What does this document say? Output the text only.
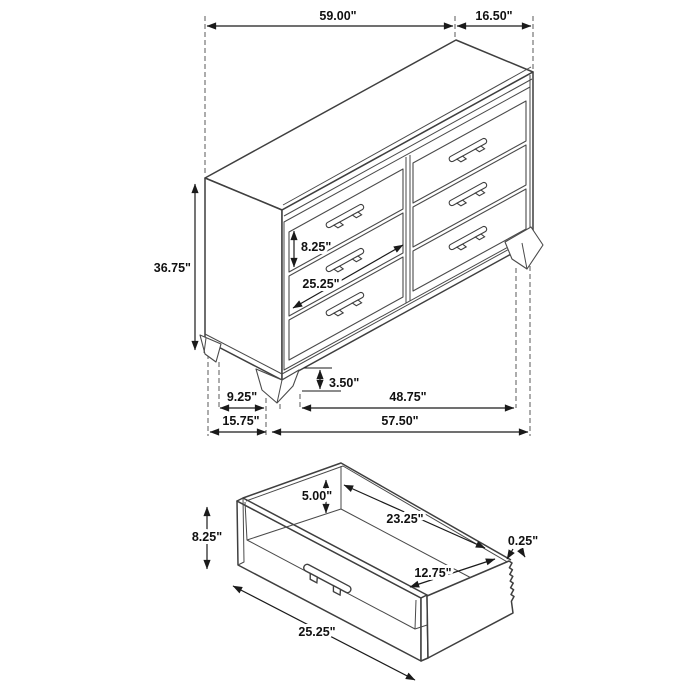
59.00"	16.50"
36.75"
8.25"
25.25"
3.50"
9.25"	48.75"
15.75"	57.50"
8.25"
5.00"
23.25"
12.75"
0.25"
25.25"
